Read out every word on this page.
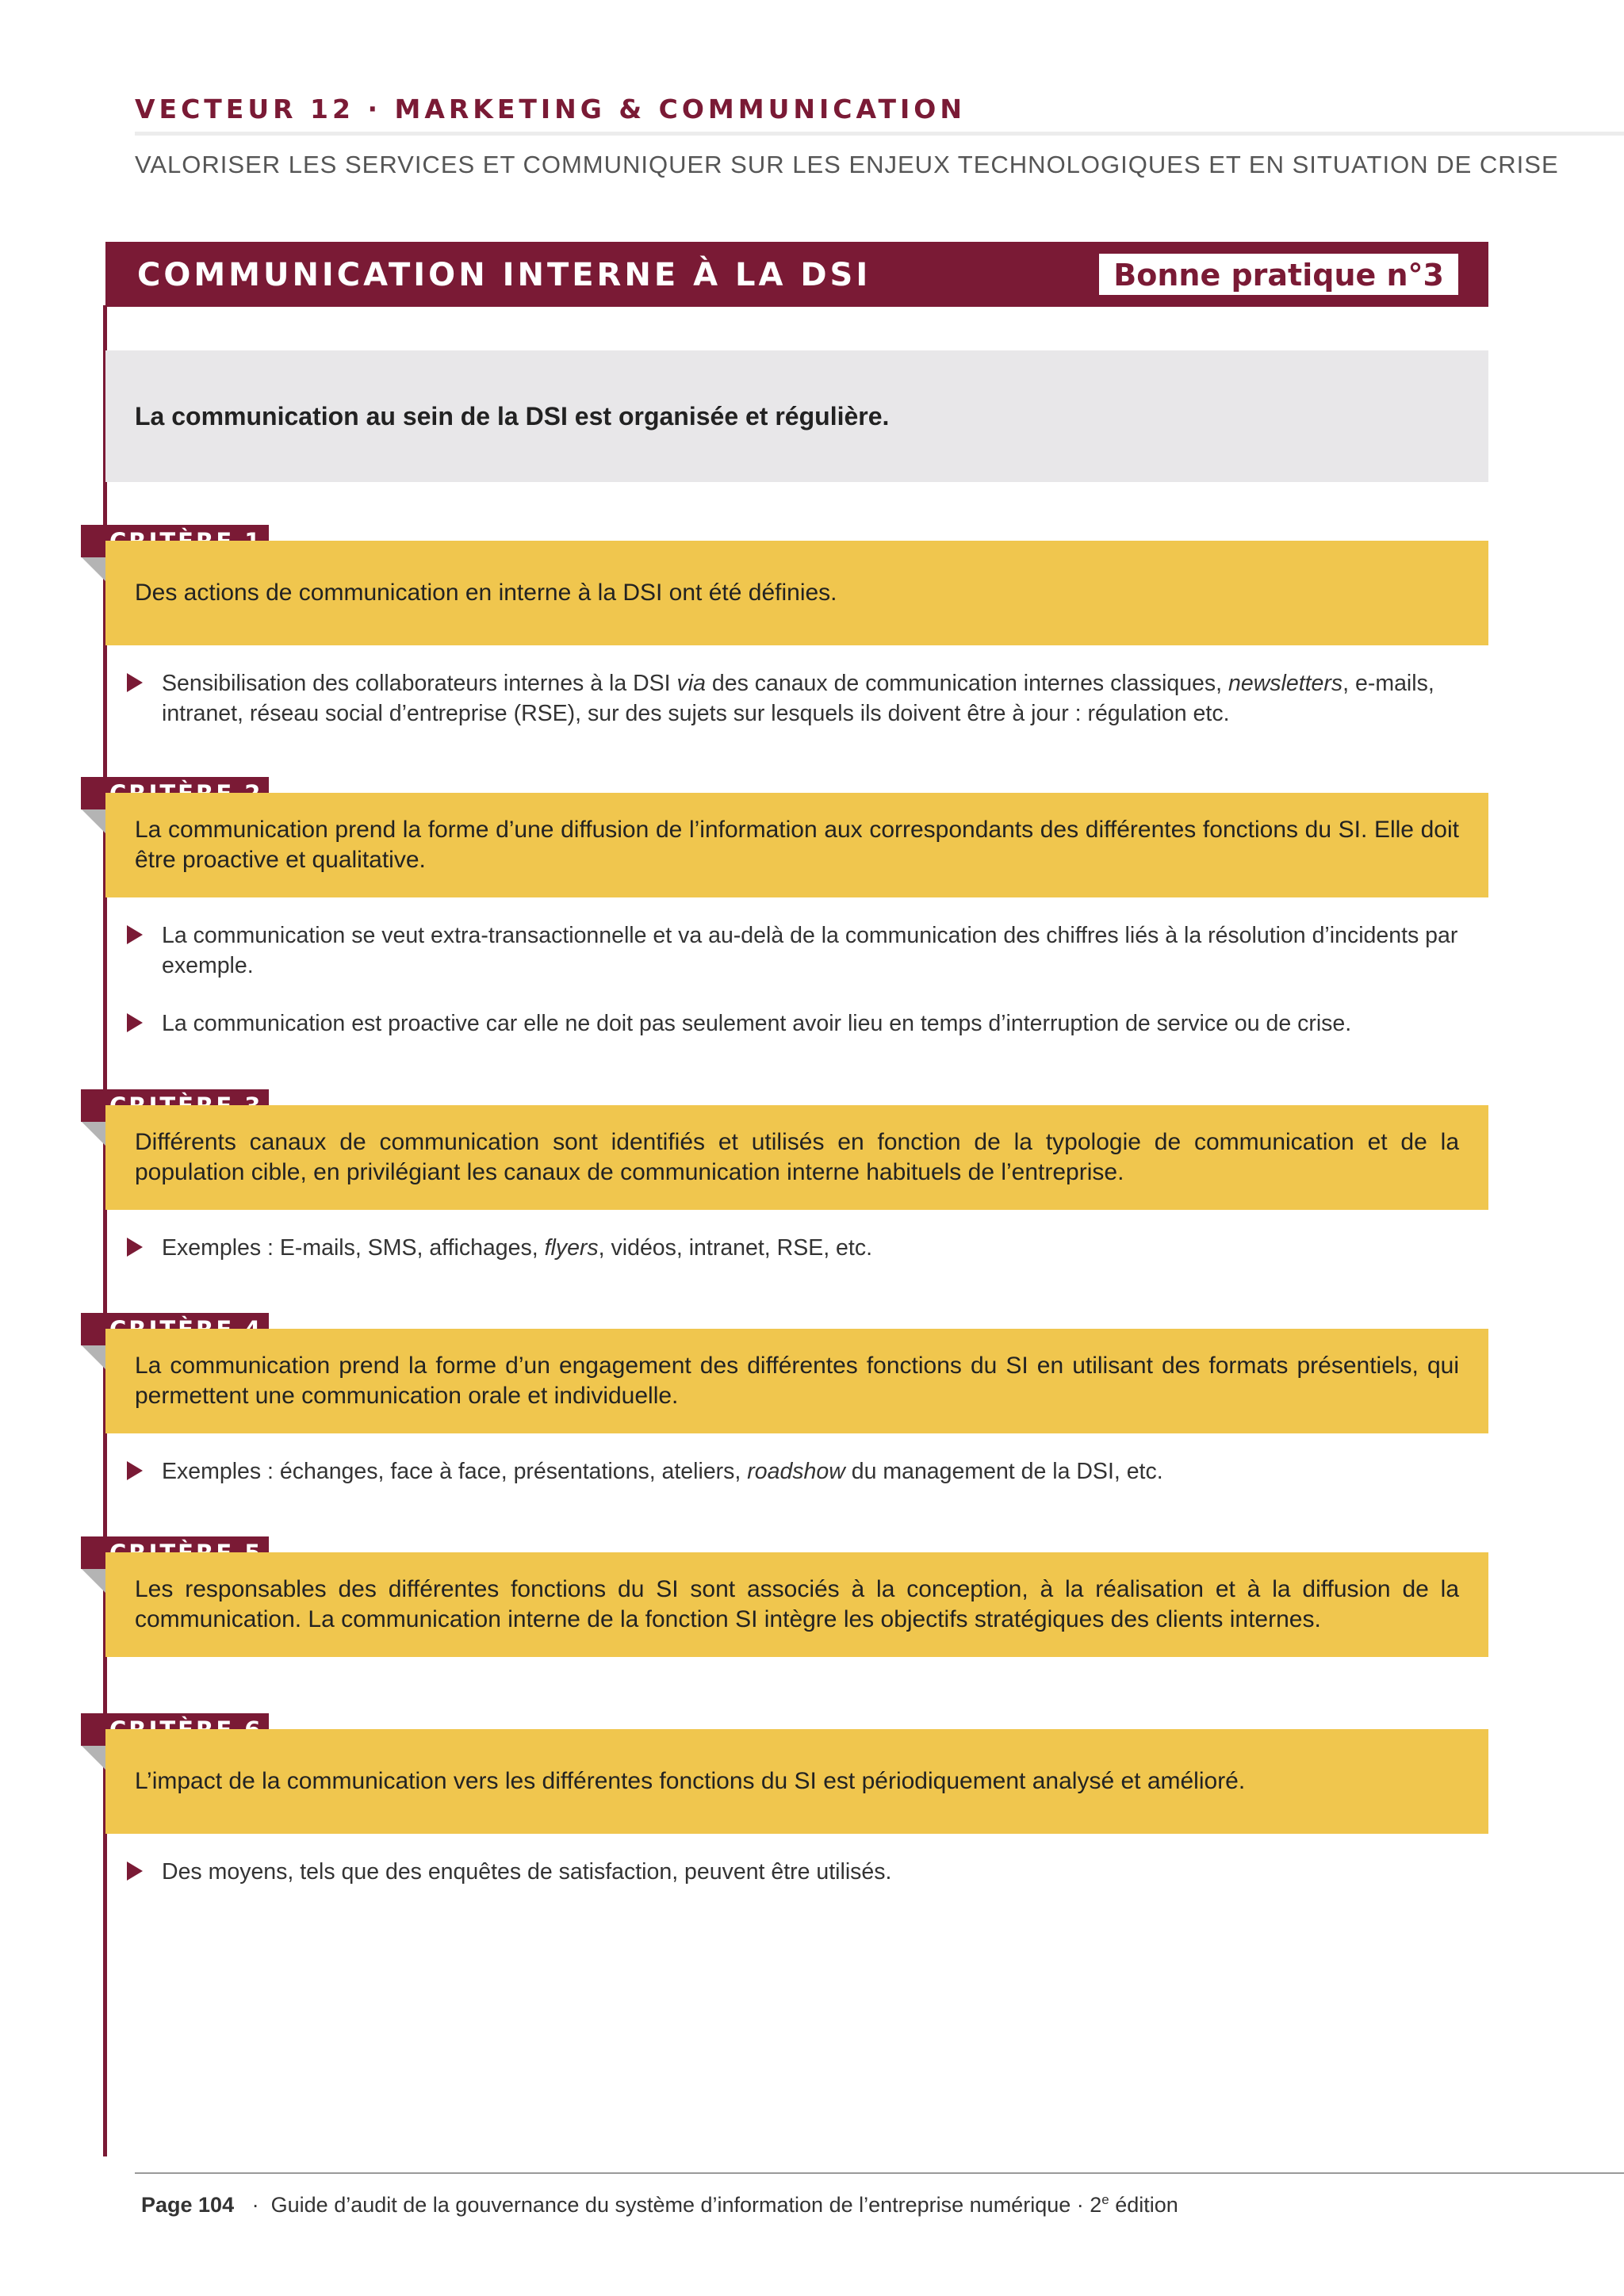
VECTEUR 12 · MARKETING & COMMUNICATION
VALORISER LES SERVICES ET COMMUNIQUER SUR LES ENJEUX TECHNOLOGIQUES ET EN SITUATION DE CRISE
COMMUNICATION INTERNE À LA DSI	Bonne pratique n°3
La communication au sein de la DSI est organisée et régulière.
Des actions de communication en interne à la DSI ont été définies.
Sensibilisation des collaborateurs internes à la DSI via des canaux de communication internes classiques, newsletters, e-mails, intranet, réseau social d’entreprise (RSE), sur des sujets sur lesquels ils doivent être à jour : régulation etc.
La communication prend la forme d’une diffusion de l’information aux correspondants des différentes fonctions du SI. Elle doit être proactive et qualitative.
La communication se veut extra-transactionnelle et va au-delà de la communication des chiffres liés à la résolution d’incidents par exemple.
La communication est proactive car elle ne doit pas seulement avoir lieu en temps d’interruption de service ou de crise.
Différents canaux de communication sont identifiés et utilisés en fonction de la typologie de communication et de la population cible, en privilégiant les canaux de communication interne habituels de l’entreprise.
Exemples : E-mails, SMS, affichages, flyers, vidéos, intranet, RSE, etc.
La communication prend la forme d’un engagement des différentes fonctions du SI en utilisant des formats présentiels, qui permettent une communication orale et individuelle.
Exemples : échanges, face à face, présentations, ateliers, roadshow du management de la DSI, etc.
Les responsables des différentes fonctions du SI sont associés à la conception, à la réalisation et à la diffusion de la communication. La communication interne de la fonction SI intègre les objectifs stratégiques des clients internes.
L’impact de la communication vers les différentes fonctions du SI est périodiquement analysé et amélioré.
Des moyens, tels que des enquêtes de satisfaction, peuvent être utilisés.
Page 104 · Guide d’audit de la gouvernance du système d’information de l’entreprise numérique · $2^e$ édition
